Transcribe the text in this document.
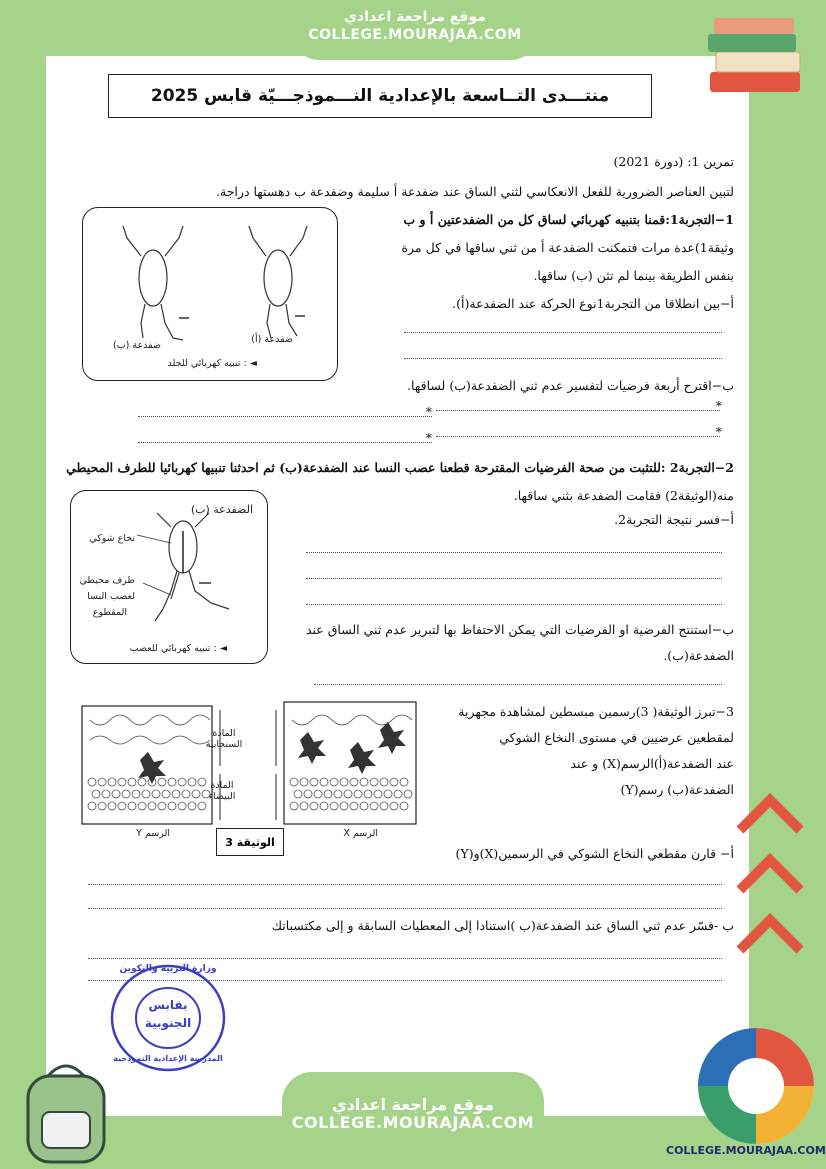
موقع مراجعة اعدادي
COLLEGE.MOURAJAA.COM
منتـــدى التــاسعة بالإعدادية النـــموذجـــيّة قابس 2025
تمرين 1: (دورة 2021)
لتبين العناصر الضرورية للفعل الانعكاسي لثني الساق عند ضفدعة أ سليمة وضفدعة ب دهستها دراجة.
ضفدعة (ب)
ضفدعة (أ)
◄ : تنبيه كهربائي للجلد
1−التجربة1:قمنا بتنبيه كهربائي لساق كل من الضفدعتين أ و ب
وثيقة1)عدة مرات فتمكنت الضفدعة أ من ثني ساقها في كل مرة
بنفس الطريقة بينما لم تثن (ب) ساقها.
أ−بين انطلاقا من التجربة1نوع الحركة عند الضفدعة(أ).
ب−اقترح أربعة فرضيات لتفسير عدم ثني الضفدعة(ب) لساقها.
*
*
*
*
2−التجربة2 :للتثبت من صحة الفرضيات المقترحة قطعنا عصب النسا عند الضفدعة(ب) ثم احدثنا تنبيها كهربائيا للطرف المحيطي
منه(الوثيقة2) فقامت الضفدعة بثني ساقها.
أ−فسر نتيجة التجربة2.
ب−استنتج الفرضية او الفرضيات التي يمكن الاحتفاظ بها لتبرير عدم ثني الساق عند
الضفدعة(ب).
الضفدعة (ب)
نخاع شوكي
طرف محيطي
لعصب النسا
المقطوع
◄ : تنبيه كهربائي للعصب
المادة السنجابية
المادة البيضاء
الرسم Y	الرسم X
الوثيقة 3
3−تبرز الوثيقة( 3)رسمين مبسطين لمشاهدة مجهرية
لمقطعين عرضيين في مستوى النخاع الشوكي
عند الضفدعة(أ)الرسم(X) و عند
الضفدعة(ب) رسم(Y)
أ− قارن مقطعي النخاع الشوكي في الرسمين(X)و(Y)
ب -فسّر عدم ثني الساق عند الضفدعة(ب )استنادا إلى المعطيات السابقة و إلى مكتسباتك
وزارة التربية والتكوين
بقابس
الجنوبية
المدرسة الإعدادية النموذجية
COLLEGE.MOURAJAA.COM
موقع مراجعة اعدادي
COLLEGE.MOURAJAA.COM
